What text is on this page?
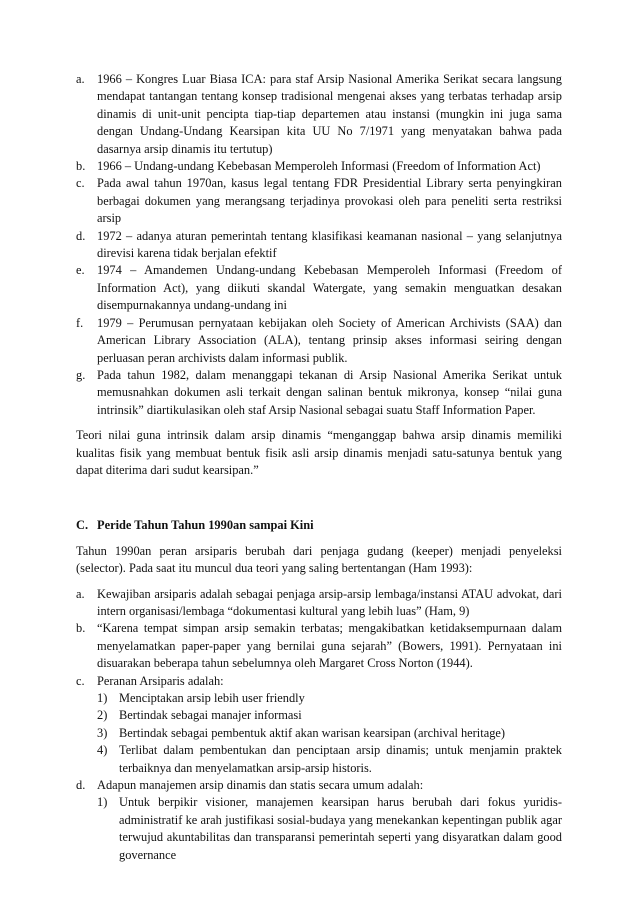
a. 1966 – Kongres Luar Biasa ICA: para staf Arsip Nasional Amerika Serikat secara langsung mendapat tantangan tentang konsep tradisional mengenai akses yang terbatas terhadap arsip dinamis di unit-unit pencipta tiap-tiap departemen atau instansi (mungkin ini juga sama dengan Undang-Undang Kearsipan kita UU No 7/1971 yang menyatakan bahwa pada dasarnya arsip dinamis itu tertutup)
b. 1966 – Undang-undang Kebebasan Memperoleh Informasi (Freedom of Information Act)
c. Pada awal tahun 1970an, kasus legal tentang FDR Presidential Library serta penyingkiran berbagai dokumen yang merangsang terjadinya provokasi oleh para peneliti serta restriksi arsip
d. 1972 – adanya aturan pemerintah tentang klasifikasi keamanan nasional – yang selanjutnya direvisi karena tidak berjalan efektif
e. 1974 – Amandemen Undang-undang Kebebasan Memperoleh Informasi (Freedom of Information Act), yang diikuti skandal Watergate, yang semakin menguatkan desakan disempurnakannya undang-undang ini
f. 1979 – Perumusan pernyataan kebijakan oleh Society of American Archivists (SAA) dan American Library Association (ALA), tentang prinsip akses informasi seiring dengan perluasan peran archivists dalam informasi publik.
g. Pada tahun 1982, dalam menanggapi tekanan di Arsip Nasional Amerika Serikat untuk memusnahkan dokumen asli terkait dengan salinan bentuk mikronya, konsep “nilai guna intrinsik” diartikulasikan oleh staf Arsip Nasional sebagai suatu Staff Information Paper.

Teori nilai guna intrinsik dalam arsip dinamis “menganggap bahwa arsip dinamis memiliki kualitas fisik yang membuat bentuk fisik asli arsip dinamis menjadi satu-satunya bentuk yang dapat diterima dari sudut kearsipan.”

C. Peride Tahun Tahun 1990an sampai Kini

Tahun 1990an peran arsiparis berubah dari penjaga gudang (keeper) menjadi penyeleksi (selector). Pada saat itu muncul dua teori yang saling bertentangan (Ham 1993):

a. Kewajiban arsiparis adalah sebagai penjaga arsip-arsip lembaga/instansi ATAU advokat, dari intern organisasi/lembaga “dokumentasi kultural yang lebih luas” (Ham, 9)
b. “Karena tempat simpan arsip semakin terbatas; mengakibatkan ketidaksempurnaan dalam menyelamatkan paper-paper yang bernilai guna sejarah” (Bowers, 1991). Pernyataan ini disuarakan beberapa tahun sebelumnya oleh Margaret Cross Norton (1944).
c. Peranan Arsiparis adalah:
1) Menciptakan arsip lebih user friendly
2) Bertindak sebagai manajer informasi
3) Bertindak sebagai pembentuk aktif akan warisan kearsipan (archival heritage)
4) Terlibat dalam pembentukan dan penciptaan arsip dinamis; untuk menjamin praktek terbaiknya dan menyelamatkan arsip-arsip historis.
d. Adapun manajemen arsip dinamis dan statis secara umum adalah:
1) Untuk berpikir visioner, manajemen kearsipan harus berubah dari fokus yuridis-administratif ke arah justifikasi sosial-budaya yang menekankan kepentingan publik agar terwujud akuntabilitas dan transparansi pemerintah seperti yang disyaratkan dalam good governance
